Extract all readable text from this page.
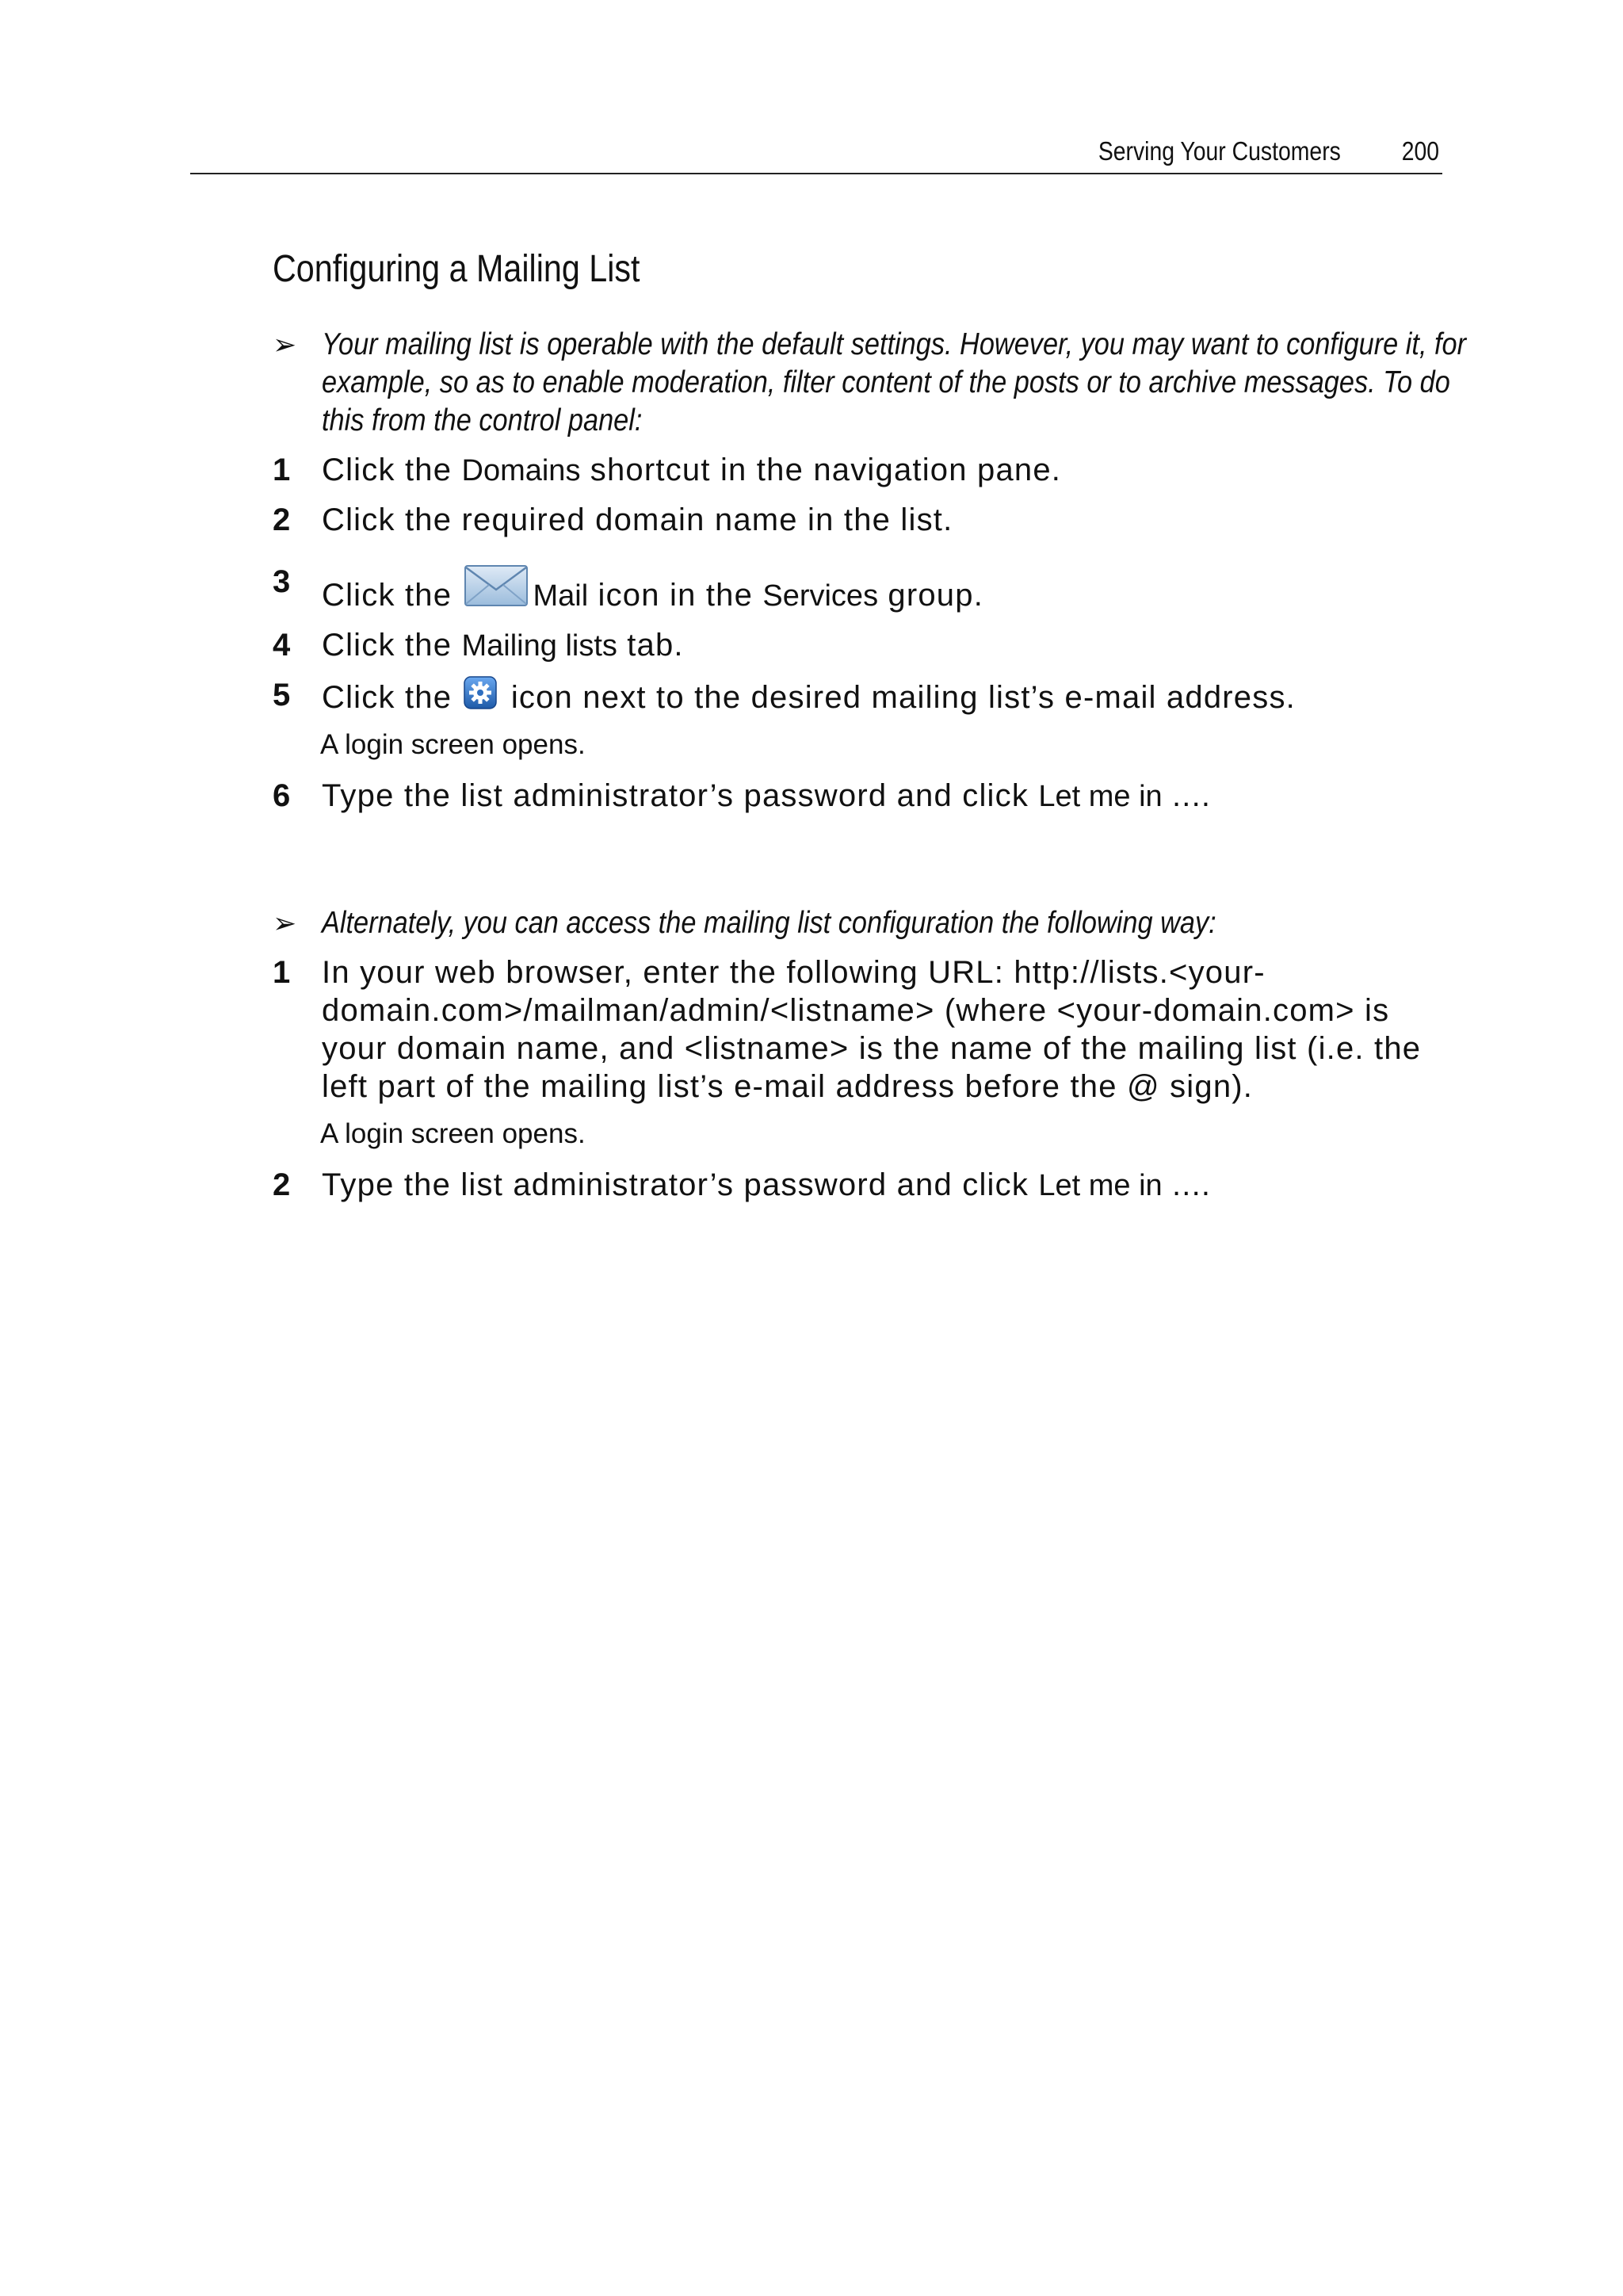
Serving Your Customers 200
Configuring a Mailing List
➢ Your mailing list is operable with the default settings. However, you may want to configure it, for example, so as to enable moderation, filter content of the posts or to archive messages. To do this from the control panel:
1 Click the Domains shortcut in the navigation pane.
2 Click the required domain name in the list.
3 Click the Mail icon in the Services group.
4 Click the Mailing lists tab.
5 Click the  icon next to the desired mailing list’s e-mail address.
A login screen opens.
6 Type the list administrator’s password and click Let me in ....
➢ Alternately, you can access the mailing list configuration the following way:
1 In your web browser, enter the following URL: http://lists.<your-domain.com>/mailman/admin/<listname> (where <your-domain.com> is your domain name, and <listname> is the name of the mailing list (i.e. the left part of the mailing list’s e-mail address before the @ sign).
A login screen opens.
2 Type the list administrator’s password and click Let me in ....
